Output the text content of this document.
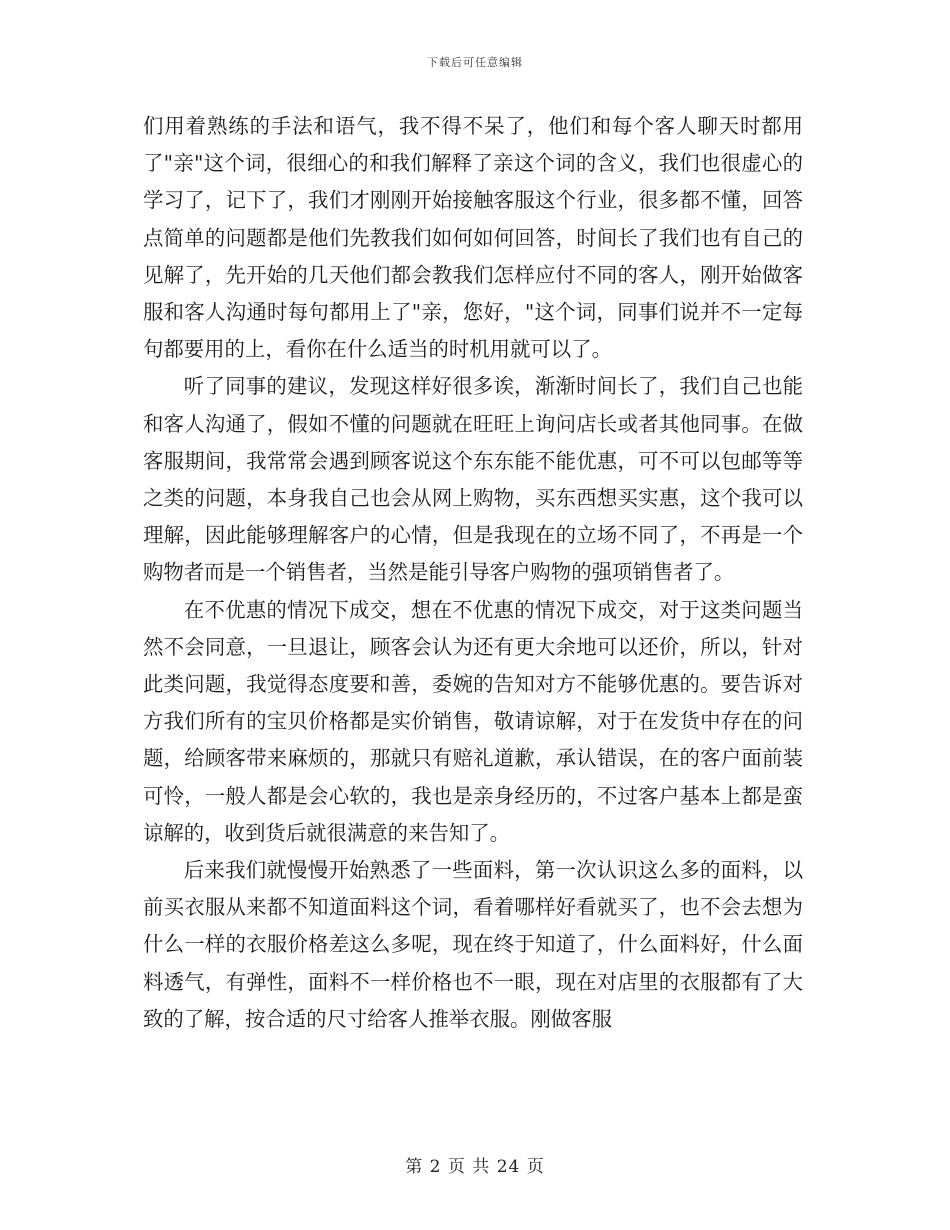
下载后可任意编辑

们用着熟练的手法和语气，我不得不呆了，他们和每个客人聊天时都用了"亲"这个词，很细心的和我们解释了亲这个词的含义，我们也很虚心的学习了，记下了，我们才刚刚开始接触客服这个行业，很多都不懂，回答点简单的问题都是他们先教我们如何如何回答，时间长了我们也有自己的见解了，先开始的几天他们都会教我们怎样应付不同的客人，刚开始做客服和客人沟通时每句都用上了"亲，您好，"这个词，同事们说并不一定每句都要用的上，看你在什么适当的时机用就可以了。

听了同事的建议，发现这样好很多诶，渐渐时间长了，我们自己也能和客人沟通了，假如不懂的问题就在旺旺上询问店长或者其他同事。在做客服期间，我常常会遇到顾客说这个东东能不能优惠，可不可以包邮等等之类的问题，本身我自己也会从网上购物，买东西想买实惠，这个我可以理解，因此能够理解客户的心情，但是我现在的立场不同了，不再是一个购物者而是一个销售者，当然是能引导客户购物的强项销售者了。

在不优惠的情况下成交，想在不优惠的情况下成交，对于这类问题当然不会同意，一旦退让，顾客会认为还有更大余地可以还价，所以，针对此类问题，我觉得态度要和善，委婉的告知对方不能够优惠的。要告诉对方我们所有的宝贝价格都是实价销售，敬请谅解，对于在发货中存在的问题，给顾客带来麻烦的，那就只有赔礼道歉，承认错误，在的客户面前装可怜，一般人都是会心软的，我也是亲身经历的，不过客户基本上都是蛮谅解的，收到货后就很满意的来告知了。

后来我们就慢慢开始熟悉了一些面料，第一次认识这么多的面料，以前买衣服从来都不知道面料这个词，看着哪样好看就买了，也不会去想为什么一样的衣服价格差这么多呢，现在终于知道了，什么面料好，什么面料透气，有弹性，面料不一样价格也不一眼，现在对店里的衣服都有了大致的了解，按合适的尺寸给客人推举衣服。刚做客服

第 2 页 共 24 页
